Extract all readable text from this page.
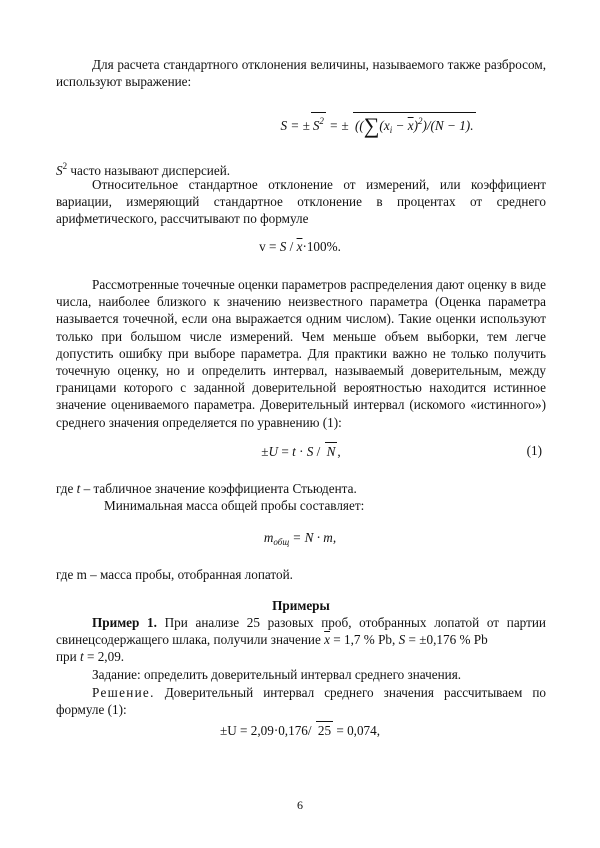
Для расчета стандартного отклонения величины, называемого также разбросом, используют выражение:

S = ± $S^2$ = ± ($(\sum(x_i - \overline{x})^2)/(N - 1)$.

$S^2$ часто называют дисперсией.

Относительное стандартное отклонение от измерений, или коэффициент вариации, измеряющий стандартное отклонение в процентах от среднего арифметического, рассчитывают по формуле

$v = S / \overline{x}\cdot 100\%$.

Рассмотренные точечные оценки параметров распределения дают оценку в виде числа, наиболее близкого к значению неизвестного параметра (Оценка параметра называется точечной, если она выражается одним числом). Такие оценки используют только при большом числе измерений. Чем меньше объем выборки, тем легче допустить ошибку при выборе параметра. Для практики важно не только получить точечную оценку, но и определить интервал, называемый доверительным, между границами которого с заданной доверительной вероятностью находится истинное значение оцениваемого параметра. Доверительный интервал (искомого «истинного») среднего значения определяется по уравнению (1):

±U = t · S / N ,	(1)

где t – табличное значение коэффициента Стьюдента.

Минимальная масса общей пробы составляет:

$m_{общ} = N \cdot m$,

где m – масса пробы, отобранная лопатой.

Примеры

Пример 1. При анализе 25 разовых проб, отобранных лопатой от партии свинецсодержащего шлака, получили значение $\overline{x} = 1,7$ % Pb, S = ±0,176 % Pb

при t = 2,09.

Задание: определить доверительный интервал среднего значения.

Решение. Доверительный интервал среднего значения рассчитываем по формуле (1):

±U = 2,09·0,176/ 25 = 0,074,
6
